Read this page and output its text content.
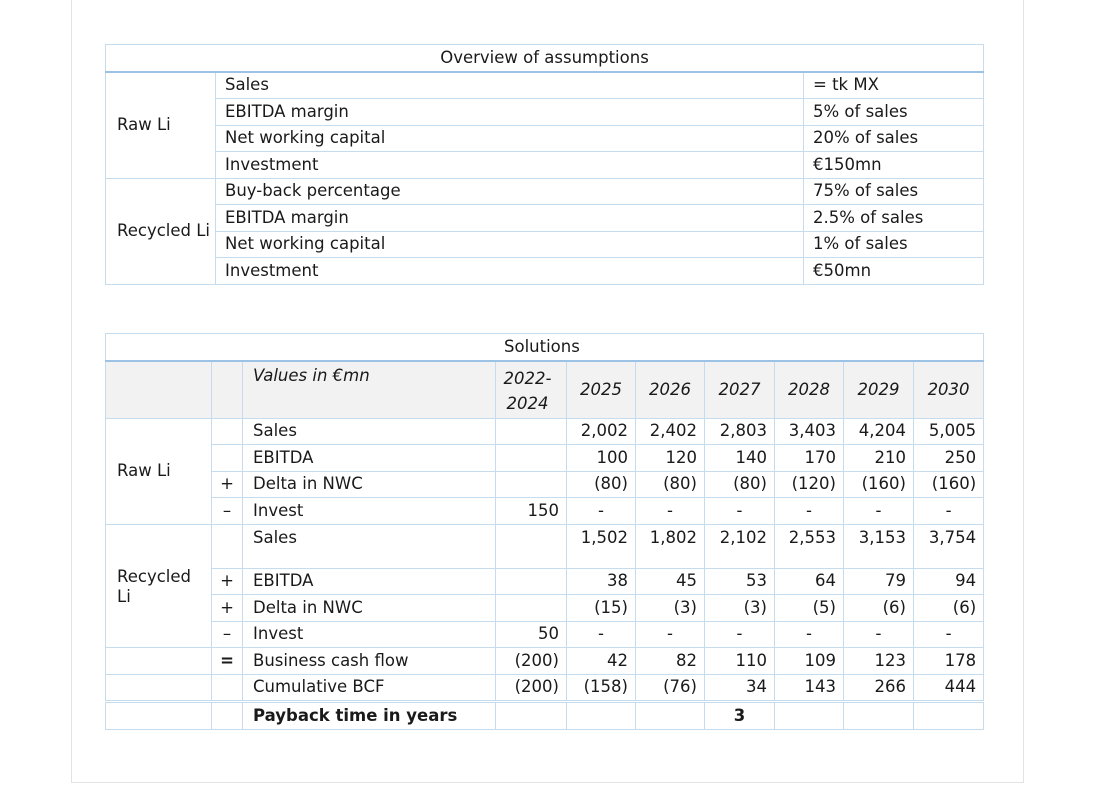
Overview of assumptions		
Raw Li	Sales	= tk MX
	EBITDA margin	5% of sales
	Net working capital	20% of sales
	Investment	€150mn
Recycled Li	Buy-back percentage	75% of sales
	EBITDA margin	2.5% of sales
	Net working capital	1% of sales
	Investment	€50mn
Solutions									
		Values in €mn	2022-2024	2025	2026	2027	2028	2029	2030
Raw Li		Sales		2,002	2,402	2,803	3,403	4,204	5,005
		EBITDA		100	120	140	170	210	250
	+	Delta in NWC		(80)	(80)	(80)	(120)	(160)	(160)
	–	Invest	150	-	-	-	-	-	-
Recycled Li		Sales		1,502	1,802	2,102	2,553	3,153	3,754
	+	EBITDA		38	45	53	64	79	94
	+	Delta in NWC		(15)	(3)	(3)	(5)	(6)	(6)
	–	Invest	50	-	-	-	-	-	-
	=	Business cash flow	(200)	42	82	110	109	123	178
		Cumulative BCF	(200)	(158)	(76)	34	143	266	444
		Payback time in years				3			
